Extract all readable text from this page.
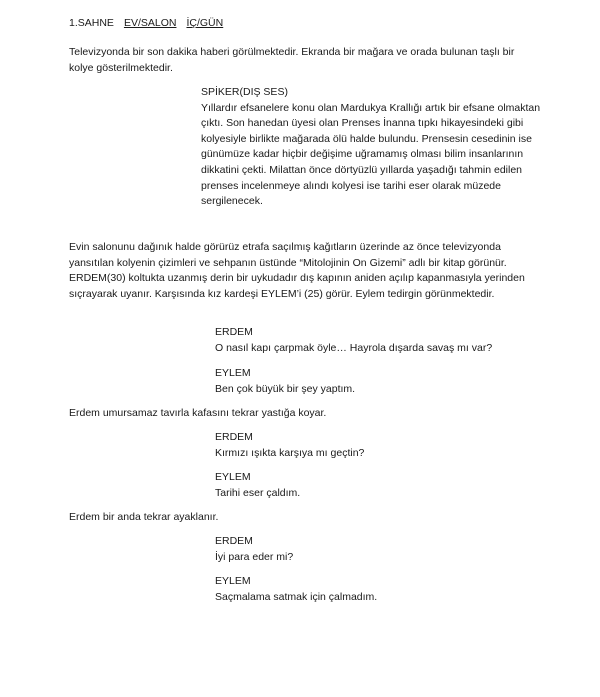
1.SAHNE EV/SALON İÇ/GÜN

Televizyonda bir son dakika haberi görülmektedir. Ekranda bir mağara ve orada bulunan taşlı bir kolye gösterilmektedir.

SPİKER(DIŞ SES)
Yıllardır efsanelere konu olan Mardukya Krallığı artık bir efsane olmaktan çıktı. Son hanedan üyesi olan Prenses İnanna tıpkı hikayesindeki gibi kolyesiyle birlikte mağarada ölü halde bulundu. Prensesin cesedinin ise günümüze kadar hiçbir değişime uğramamış olması bilim insanlarının dikkatini çekti. Milattan önce dörtyüzlü yıllarda yaşadığı tahmin edilen prenses incelenmeye alındı kolyesi ise tarihi eser olarak müzede sergilenecek.

Evin salonunu dağınık halde görürüz etrafa saçılmış kağıtların üzerinde az önce televizyonda yansıtılan kolyenin çizimleri ve sehpanın üstünde “Mitolojinin On Gizemi” adlı bir kitap görünür. ERDEM(30) koltukta uzanmış derin bir uykudadır dış kapının aniden açılıp kapanmasıyla yerinden sıçrayarak uyanır. Karşısında kız kardeşi EYLEM’i (25) görür. Eylem tedirgin görünmektedir.

ERDEM
O nasıl kapı çarpmak öyle… Hayrola dışarda savaş mı var?
EYLEM
Ben çok büyük bir şey yaptım.

Erdem umursamaz tavırla kafasını tekrar yastığa koyar.

ERDEM
Kırmızı ışıkta karşıya mı geçtin?
EYLEM
Tarihi eser çaldım.

Erdem bir anda tekrar ayaklanır.

ERDEM
İyi para eder mi?
EYLEM
Saçmalama satmak için çalmadım.
